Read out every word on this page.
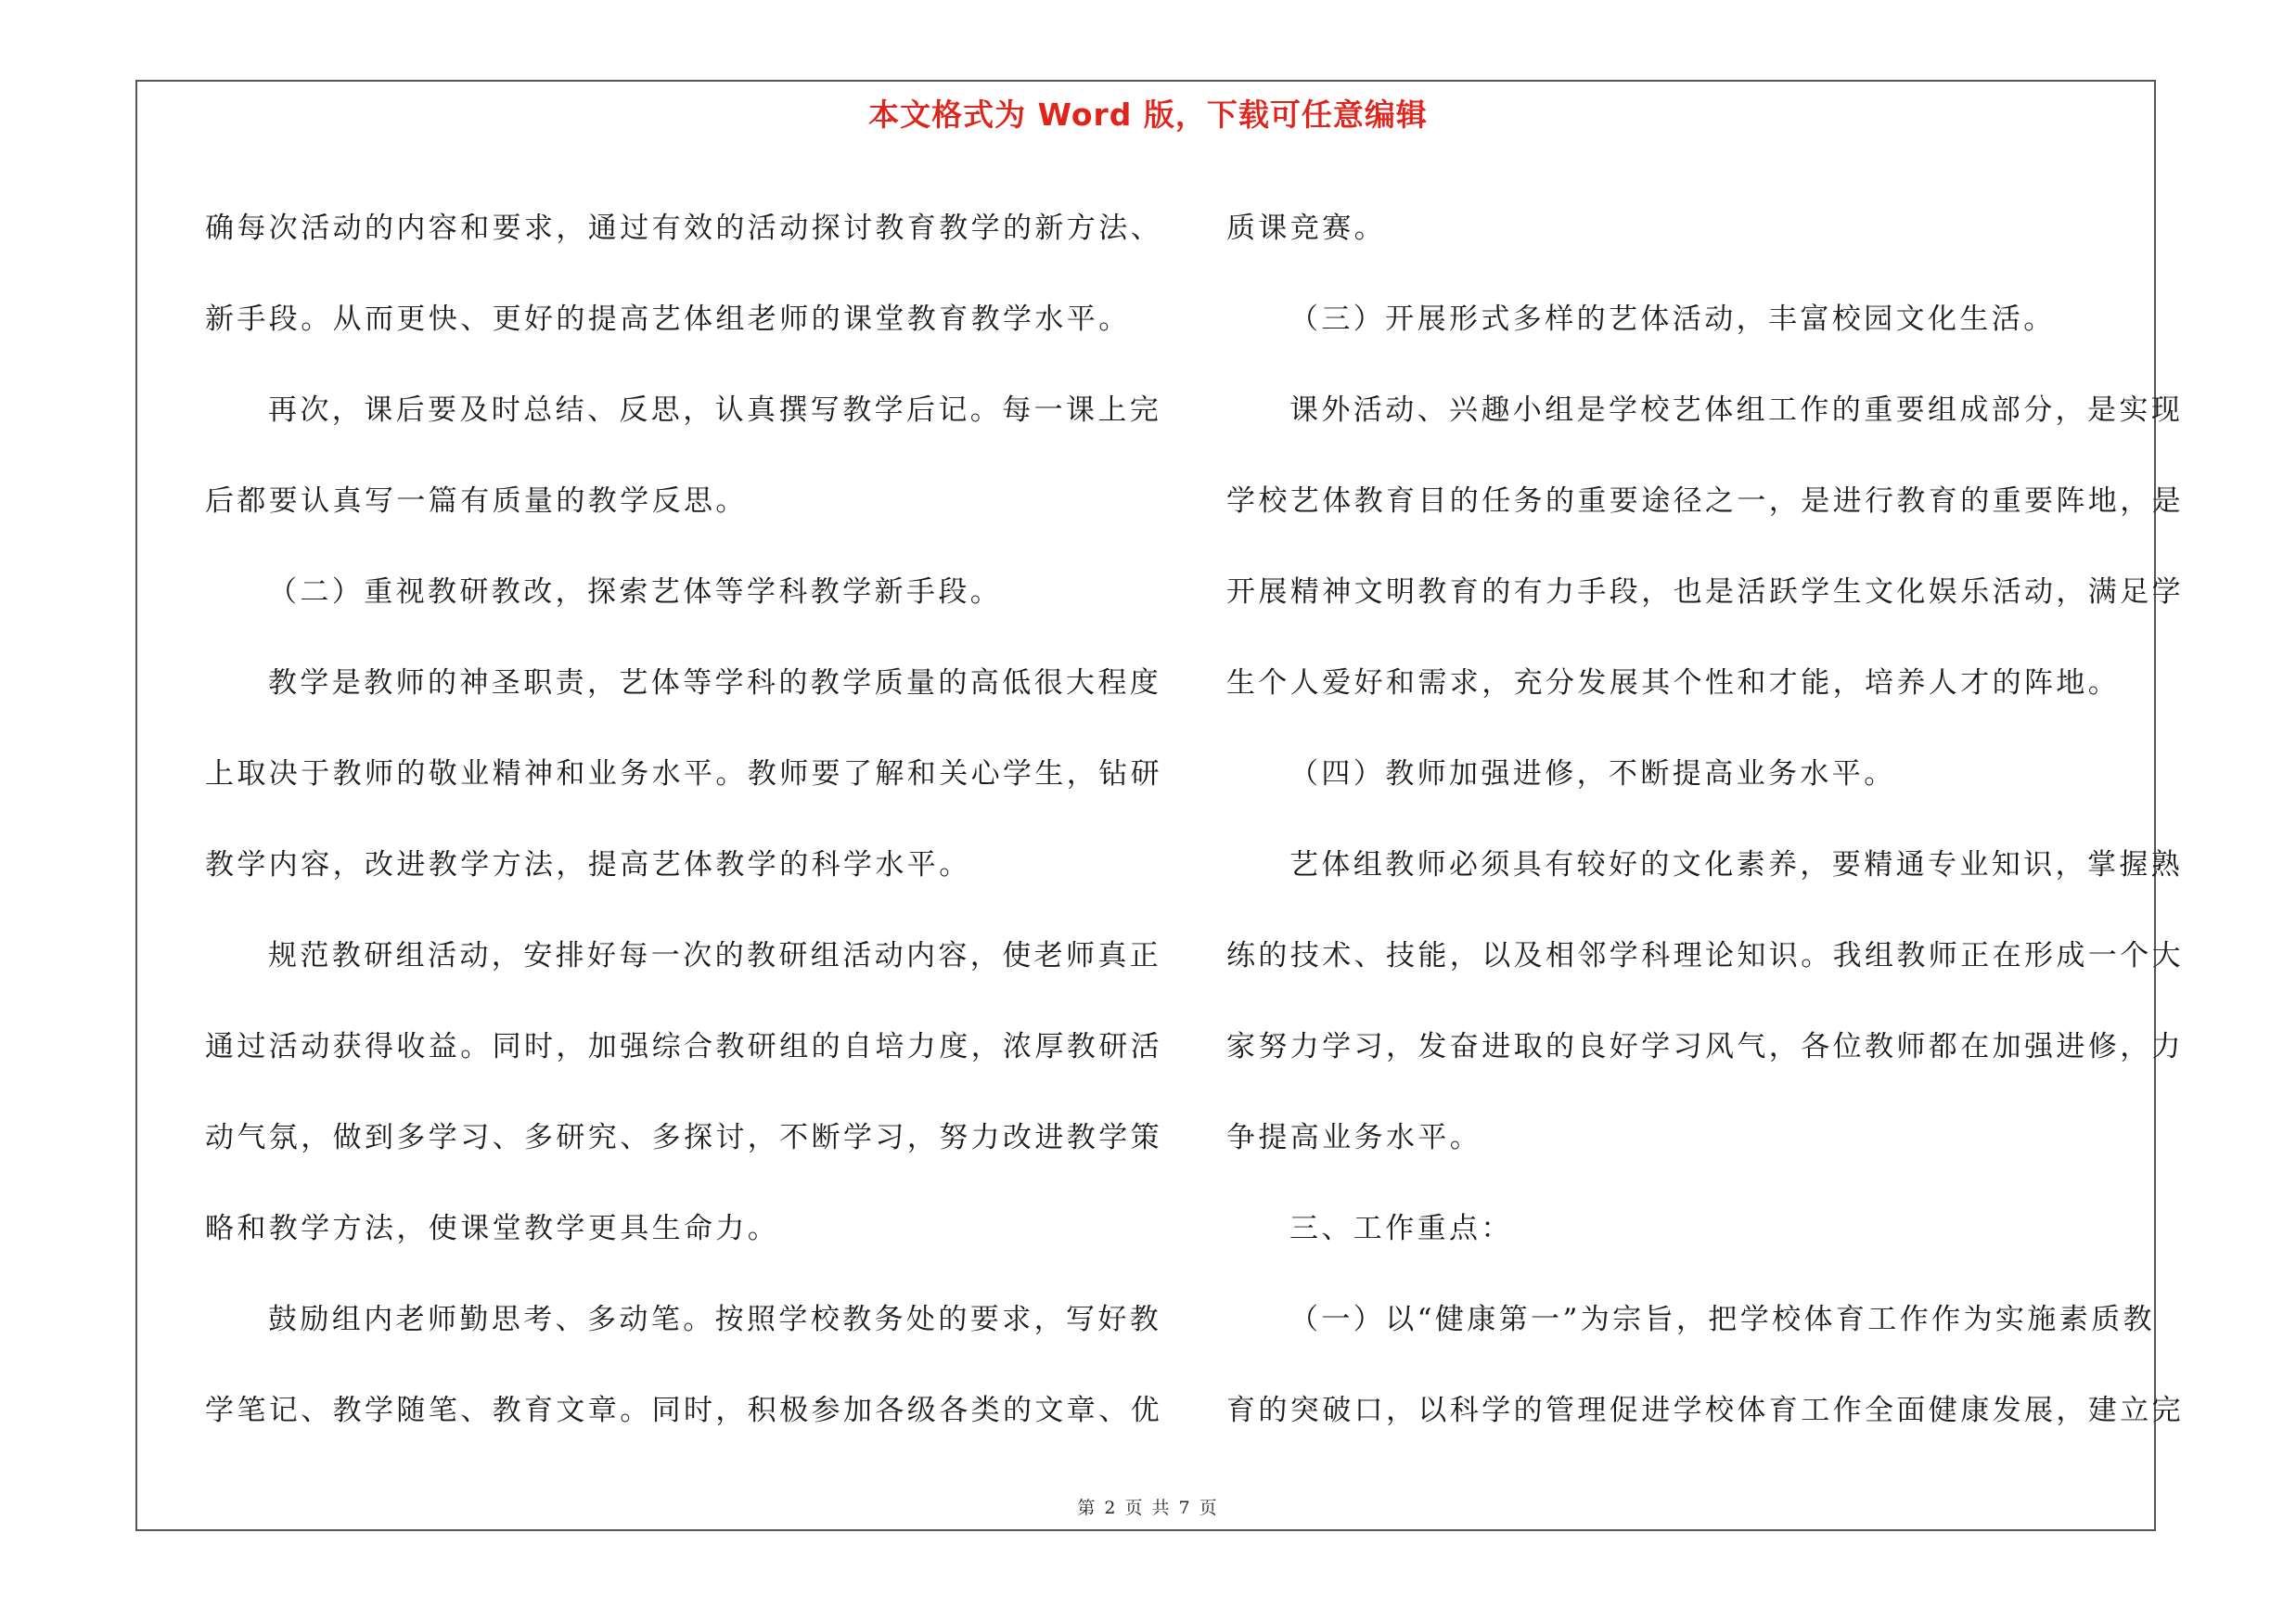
本文格式为 Word 版，下载可任意编辑

确每次活动的内容和要求，通过有效的活动探讨教育教学的新方法、

新手段。从而更快、更好的提高艺体组老师的课堂教育教学水平。

再次，课后要及时总结、反思，认真撰写教学后记。每一课上完

后都要认真写一篇有质量的教学反思。

（二）重视教研教改，探索艺体等学科教学新手段。

教学是教师的神圣职责，艺体等学科的教学质量的高低很大程度

上取决于教师的敬业精神和业务水平。教师要了解和关心学生，钻研

教学内容，改进教学方法，提高艺体教学的科学水平。

规范教研组活动，安排好每一次的教研组活动内容，使老师真正

通过活动获得收益。同时，加强综合教研组的自培力度，浓厚教研活

动气氛，做到多学习、多研究、多探讨，不断学习，努力改进教学策

略和教学方法，使课堂教学更具生命力。

鼓励组内老师勤思考、多动笔。按照学校教务处的要求，写好教

学笔记、教学随笔、教育文章。同时，积极参加各级各类的文章、优

质课竞赛。

（三）开展形式多样的艺体活动，丰富校园文化生活。

课外活动、兴趣小组是学校艺体组工作的重要组成部分，是实现

学校艺体教育目的任务的重要途径之一，是进行教育的重要阵地，是

开展精神文明教育的有力手段，也是活跃学生文化娱乐活动，满足学

生个人爱好和需求，充分发展其个性和才能，培养人才的阵地。

（四）教师加强进修，不断提高业务水平。

艺体组教师必须具有较好的文化素养，要精通专业知识，掌握熟

练的技术、技能，以及相邻学科理论知识。我组教师正在形成一个大

家努力学习，发奋进取的良好学习风气，各位教师都在加强进修，力

争提高业务水平。

三、工作重点：

（一）以“健康第一”为宗旨，把学校体育工作作为实施素质教

育的突破口，以科学的管理促进学校体育工作全面健康发展，建立完

第 2 页 共 7 页
